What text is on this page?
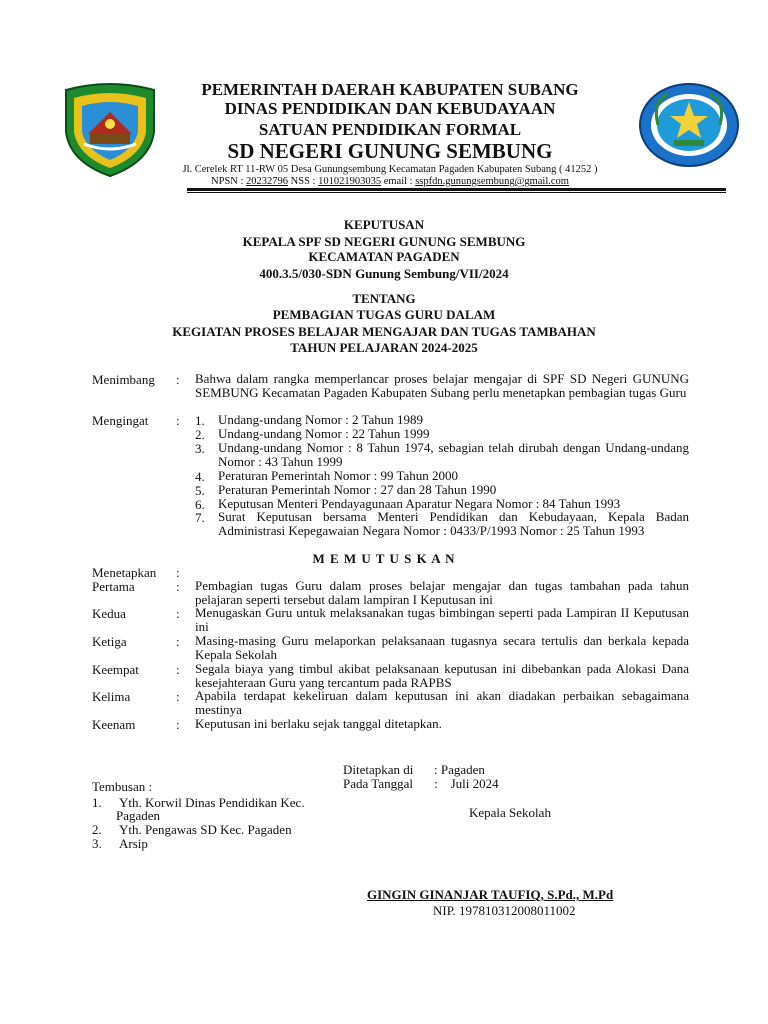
PEMERINTAH DAERAH KABUPATEN SUBANG
DINAS PENDIDIKAN DAN KEBUDAYAAN
SATUAN PENDIDIKAN FORMAL
SD NEGERI GUNUNG SEMBUNG
Jl. Cerelek RT 11-RW 05 Desa Gunungsembung Kecamatan Pagaden Kabupaten Subang ( 41252 )
NPSN : 20232796 NSS : 101021903035 email : sspfdn.gunungsembung@gmail.com
KEPUTUSAN
KEPALA SPF SD NEGERI GUNUNG SEMBUNG
KECAMATAN PAGADEN
400.3.5/030-SDN Gunung Sembung/VII/2024
TENTANG
PEMBAGIAN TUGAS GURU DALAM
KEGIATAN PROSES BELAJAR MENGAJAR DAN TUGAS TAMBAHAN
TAHUN PELAJARAN 2024-2025
Menimbang : Bahwa dalam rangka memperlancar proses belajar mengajar di SPF SD Negeri GUNUNG SEMBUNG Kecamatan Pagaden Kabupaten Subang perlu menetapkan pembagian tugas Guru
Mengingat : 1. Undang-undang Nomor : 2 Tahun 1989
2. Undang-undang Nomor : 22 Tahun 1999
3. Undang-undang Nomor : 8 Tahun 1974, sebagian telah dirubah dengan Undang-undang Nomor : 43 Tahun 1999
4. Peraturan Pemerintah Nomor : 99 Tahun 2000
5. Peraturan Pemerintah Nomor : 27 dan 28 Tahun 1990
6. Keputusan Menteri Pendayagunaan Aparatur Negara Nomor : 84 Tahun 1993
7. Surat Keputusan bersama Menteri Pendidikan dan Kebudayaan, Kepala Badan Administrasi Kepegawaian Negara Nomor : 0433/P/1993 Nomor : 25 Tahun 1993
M E M U T U S K A N
Menetapkan :
Pertama	: Pembagian tugas Guru dalam proses belajar mengajar dan tugas tambahan pada tahun pelajaran seperti tersebut dalam lampiran I Keputusan ini
Kedua	: Menugaskan Guru untuk melaksanakan tugas bimbingan seperti pada Lampiran II Keputusan ini
Ketiga	: Masing-masing Guru melaporkan pelaksanaan tugasnya secara tertulis dan berkala kepada Kepala Sekolah
Keempat	: Segala biaya yang timbul akibat pelaksanaan keputusan ini dibebankan pada Alokasi Dana kesejahteraan Guru yang tercantum pada RAPBS
Kelima	: Apabila terdapat kekeliruan dalam keputusan ini akan diadakan perbaikan sebagaimana mestinya
Keenam	: Keputusan ini berlaku sejak tanggal ditetapkan.
Ditetapkan di : Pagaden
Pada Tanggal :    Juli 2024
Tembusan :
1. Yth. Korwil Dinas Pendidikan Kec.
Pagaden
2. Yth. Pengawas SD Kec. Pagaden
3. Arsip
Kepala Sekolah
GINGIN GINANJAR TAUFIQ, S.Pd., M.Pd
NIP. 197810312008011002
